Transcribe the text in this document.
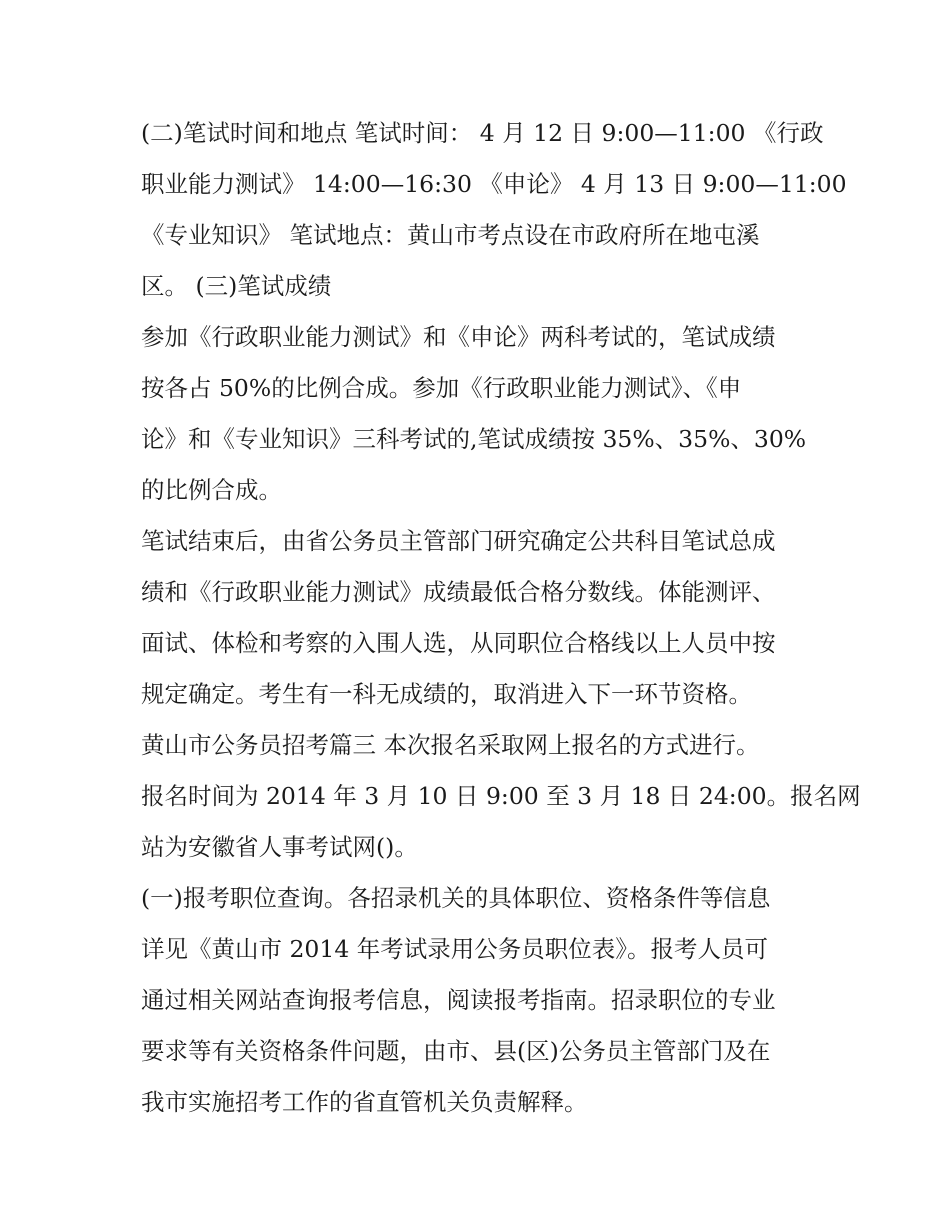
(二)笔试时间和地点 笔试时间： 4 月 12 日 9:00—11:00 《行政
职业能力测试》 14:00—16:30 《申论》 4 月 13 日 9:00—11:00
《专业知识》 笔试地点：黄山市考点设在市政府所在地屯溪
区。 (三)笔试成绩
参加《行政职业能力测试》和《申论》两科考试的，笔试成绩
按各占 50%的比例合成。参加《行政职业能力测试》、《申
论》和《专业知识》三科考试的,笔试成绩按 35%、35%、30%
的比例合成。
笔试结束后，由省公务员主管部门研究确定公共科目笔试总成
绩和《行政职业能力测试》成绩最低合格分数线。体能测评、
面试、体检和考察的入围人选，从同职位合格线以上人员中按
规定确定。考生有一科无成绩的，取消进入下一环节资格。
黄山市公务员招考篇三 本次报名采取网上报名的方式进行。
报名时间为 2014 年 3 月 10 日 9:00 至 3 月 18 日 24:00。报名网
站为安徽省人事考试网()。
(一)报考职位查询。各招录机关的具体职位、资格条件等信息
详见《黄山市 2014 年考试录用公务员职位表》。报考人员可
通过相关网站查询报考信息，阅读报考指南。招录职位的专业
要求等有关资格条件问题，由市、县(区)公务员主管部门及在
我市实施招考工作的省直管机关负责解释。
